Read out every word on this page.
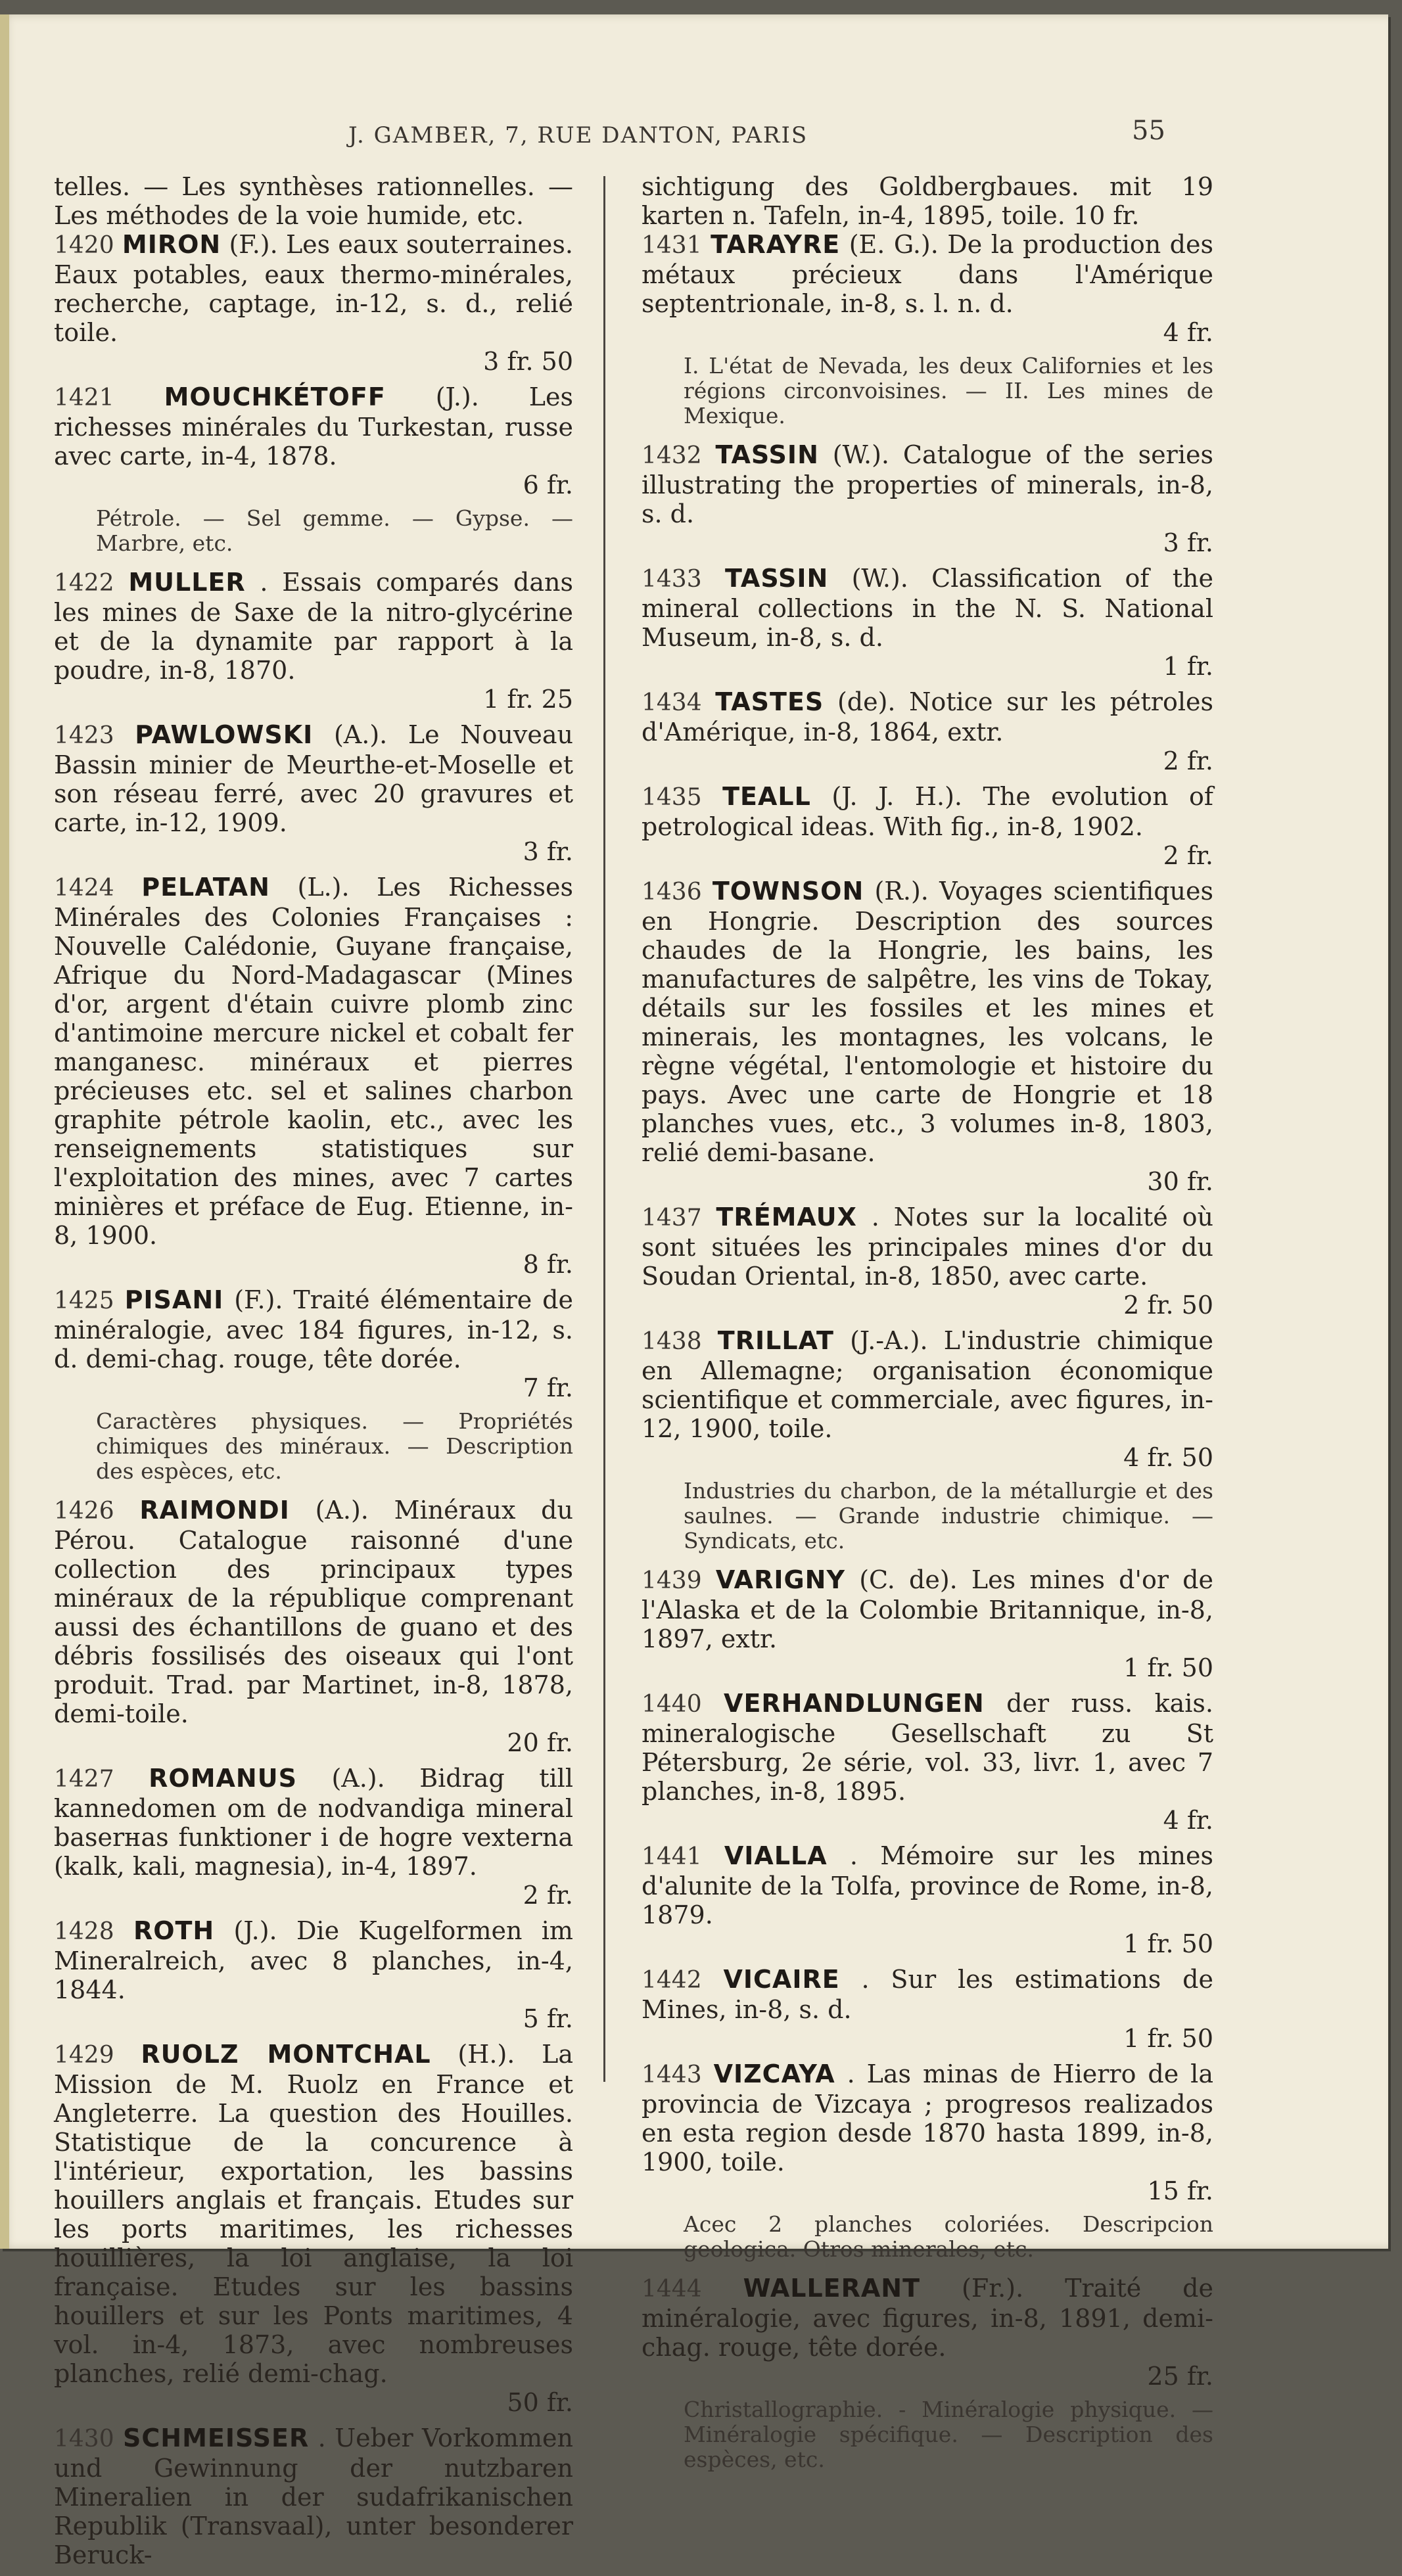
J. GAMBER, 7, RUE DANTON, PARIS	55

telles. — Les synthèses rationnelles. — Les méthodes de la voie humide, etc.

1420 MIRON (F.). Les eaux souterraines. Eaux potables, eaux thermo-minérales, recherche, captage, in-12, s. d., relié toile.
3 fr. 50

1421 MOUCHKÉTOFF (J.). Les richesses minérales du Turkestan, russe avec carte, in-4, 1878.
6 fr.

Pétrole. — Sel gemme. — Gypse. — Marbre, etc.

1422 MULLER . Essais comparés dans les mines de Saxe de la nitro-glycérine et de la dynamite par rapport à la poudre, in-8, 1870.
1 fr. 25

1423 PAWLOWSKI (A.). Le Nouveau Bassin minier de Meurthe-et-Moselle et son réseau ferré, avec 20 gravures et carte, in-12, 1909.
3 fr.

1424 PELATAN (L.). Les Richesses Minérales des Colonies Françaises : Nouvelle Calédonie, Guyane française, Afrique du Nord-Madagascar (Mines d'or, argent d'étain cuivre plomb zinc d'antimoine mercure nickel et cobalt fer manganesc. minéraux et pierres précieuses etc. sel et salines charbon graphite pétrole kaolin, etc., avec les renseignements statistiques sur l'exploitation des mines, avec 7 cartes minières et préface de Eug. Etienne, in-8, 1900.
8 fr.

1425 PISANI (F.). Traité élémentaire de minéralogie, avec 184 figures, in-12, s. d. demi-chag. rouge, tête dorée.
7 fr.

Caractères physiques. — Propriétés chimiques des minéraux. — Description des espèces, etc.

1426 RAIMONDI (A.). Minéraux du Pérou. Catalogue raisonné d'une collection des principaux types minéraux de la république comprenant aussi des échantillons de guano et des débris fossilisés des oiseaux qui l'ont produit. Trad. par Martinet, in-8, 1878, demi-toile.
20 fr.

1427 ROMANUS (A.). Bidrag till kannedomen om de nodvandiga mineral baserнas funktioner i de hogre vexterna (kalk, kali, magnesia), in-4, 1897.
2 fr.

1428 ROTH (J.). Die Kugelformen im Mineralreich, avec 8 planches, in-4, 1844.
5 fr.

1429 RUOLZ MONTCHAL (H.). La Mission de M. Ruolz en France et Angleterre. La question des Houilles. Statistique de la concurence à l'intérieur, exportation, les bassins houillers anglais et français. Etudes sur les ports maritimes, les richesses houillières, la loi anglaise, la loi française. Etudes sur les bassins houillers et sur les Ponts maritimes, 4 vol. in-4, 1873, avec nombreuses planches, relié demi-chag.
50 fr.

1430 SCHMEISSER . Ueber Vorkommen und Gewinnung der nutzbaren Mineralien in der sudafrikanischen Republik (Transvaal), unter besonderer Beruck-

sichtigung des Goldbergbaues. mit 19 karten n. Tafeln, in-4, 1895, toile. 10 fr.

1431 TARAYRE (E. G.). De la production des métaux précieux dans l'Amérique septentrionale, in-8, s. l. n. d.
4 fr.

I. L'état de Nevada, les deux Californies et les régions circonvoisines. — II. Les mines de Mexique.

1432 TASSIN (W.). Catalogue of the series illustrating the properties of minerals, in-8, s. d.
3 fr.

1433 TASSIN (W.). Classification of the mineral collections in the N. S. National Museum, in-8, s. d.
1 fr.

1434 TASTES (de). Notice sur les pétroles d'Amérique, in-8, 1864, extr.
2 fr.

1435 TEALL (J. J. H.). The evolution of petrological ideas. With fig., in-8, 1902.
2 fr.

1436 TOWNSON (R.). Voyages scientifiques en Hongrie. Description des sources chaudes de la Hongrie, les bains, les manufactures de salpêtre, les vins de Tokay, détails sur les fossiles et les mines et minerais, les montagnes, les volcans, le règne végétal, l'entomologie et histoire du pays. Avec une carte de Hongrie et 18 planches vues, etc., 3 volumes in-8, 1803, relié demi-basane.
30 fr.

1437 TRÉMAUX . Notes sur la localité où sont situées les principales mines d'or du Soudan Oriental, in-8, 1850, avec carte.
2 fr. 50

1438 TRILLAT (J.-A.). L'industrie chimique en Allemagne; organisation économique scientifique et commerciale, avec figures, in-12, 1900, toile.
4 fr. 50

Industries du charbon, de la métallurgie et des saulnes. — Grande industrie chimique. — Syndicats, etc.

1439 VARIGNY (C. de). Les mines d'or de l'Alaska et de la Colombie Britannique, in-8, 1897, extr.
1 fr. 50

1440 VERHANDLUNGEN der russ. kais. mineralogische Gesellschaft zu St Pétersburg, 2e série, vol. 33, livr. 1, avec 7 planches, in-8, 1895.
4 fr.

1441 VIALLA . Mémoire sur les mines d'alunite de la Tolfa, province de Rome, in-8, 1879.
1 fr. 50

1442 VICAIRE . Sur les estimations de Mines, in-8, s. d.
1 fr. 50

1443 VIZCAYA . Las minas de Hierro de la provincia de Vizcaya ; progresos realizados en esta region desde 1870 hasta 1899, in-8, 1900, toile.
15 fr.

Acec 2 planches coloriées. Descripcion geologica. Otros minerales, etc.

1444 WALLERANT (Fr.). Traité de minéralogie, avec figures, in-8, 1891, demi-chag. rouge, tête dorée.
25 fr.

Christallographie. - Minéralogie physique. — Minéralogie spécifique. — Description des espèces, etc.
